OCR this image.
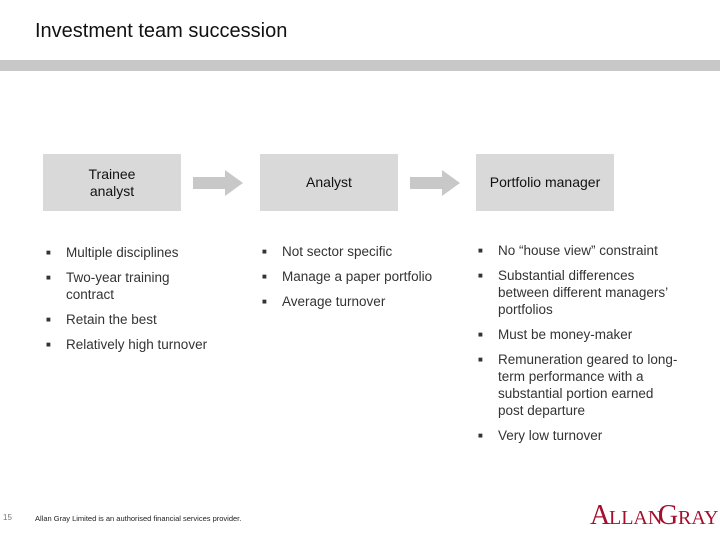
Investment team succession
Trainee
analyst
Analyst	Portfolio manager
■ Multiple disciplines
■ Two-year training contract
■ Retain the best
■ Relatively high turnover
■ Not sector specific
■ Manage a paper portfolio
■ Average turnover
■ No “house view” constraint
■ Substantial differences between different managers’ portfolios
■ Must be money-maker
■ Remuneration geared to long-term performance with a substantial portion earned post departure
■ Very low turnover
15	Allan Gray Limited is an authorised financial services provider.	A
LLAN
G RAY
